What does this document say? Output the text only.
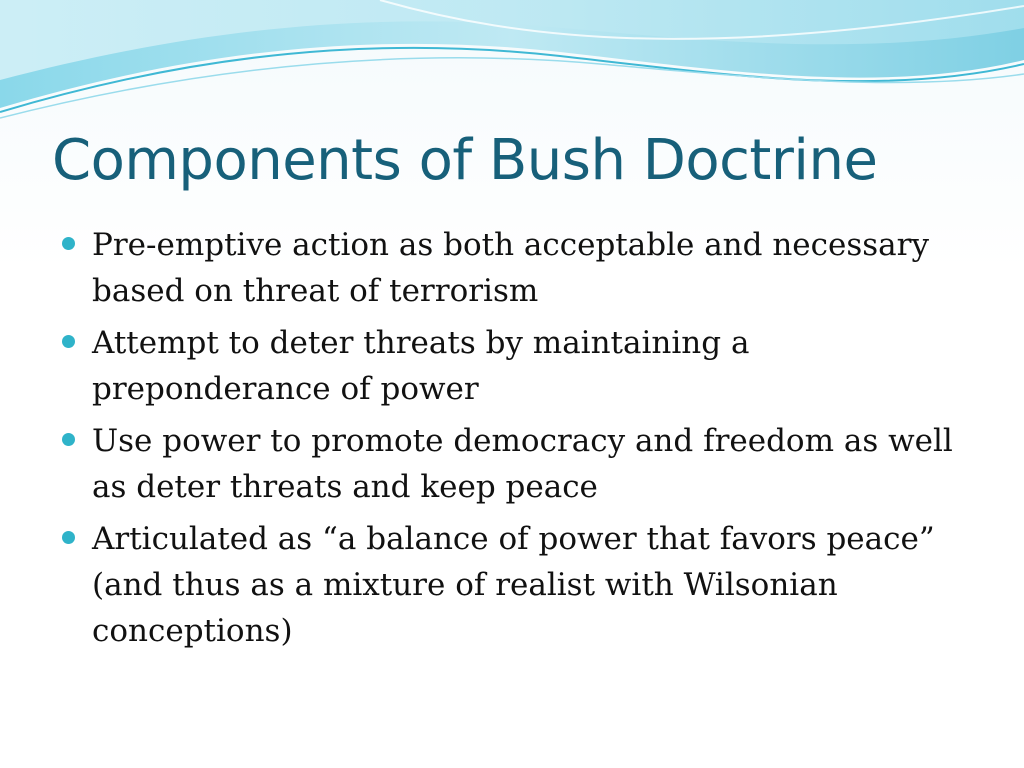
Components of Bush Doctrine
Pre-emptive action as both acceptable and necessary based on threat of terrorism
Attempt to deter threats by maintaining a preponderance of power
Use power to promote democracy and freedom as well as deter threats and keep peace
Articulated as “a balance of power that favors peace” (and thus as a mixture of realist with Wilsonian conceptions)
